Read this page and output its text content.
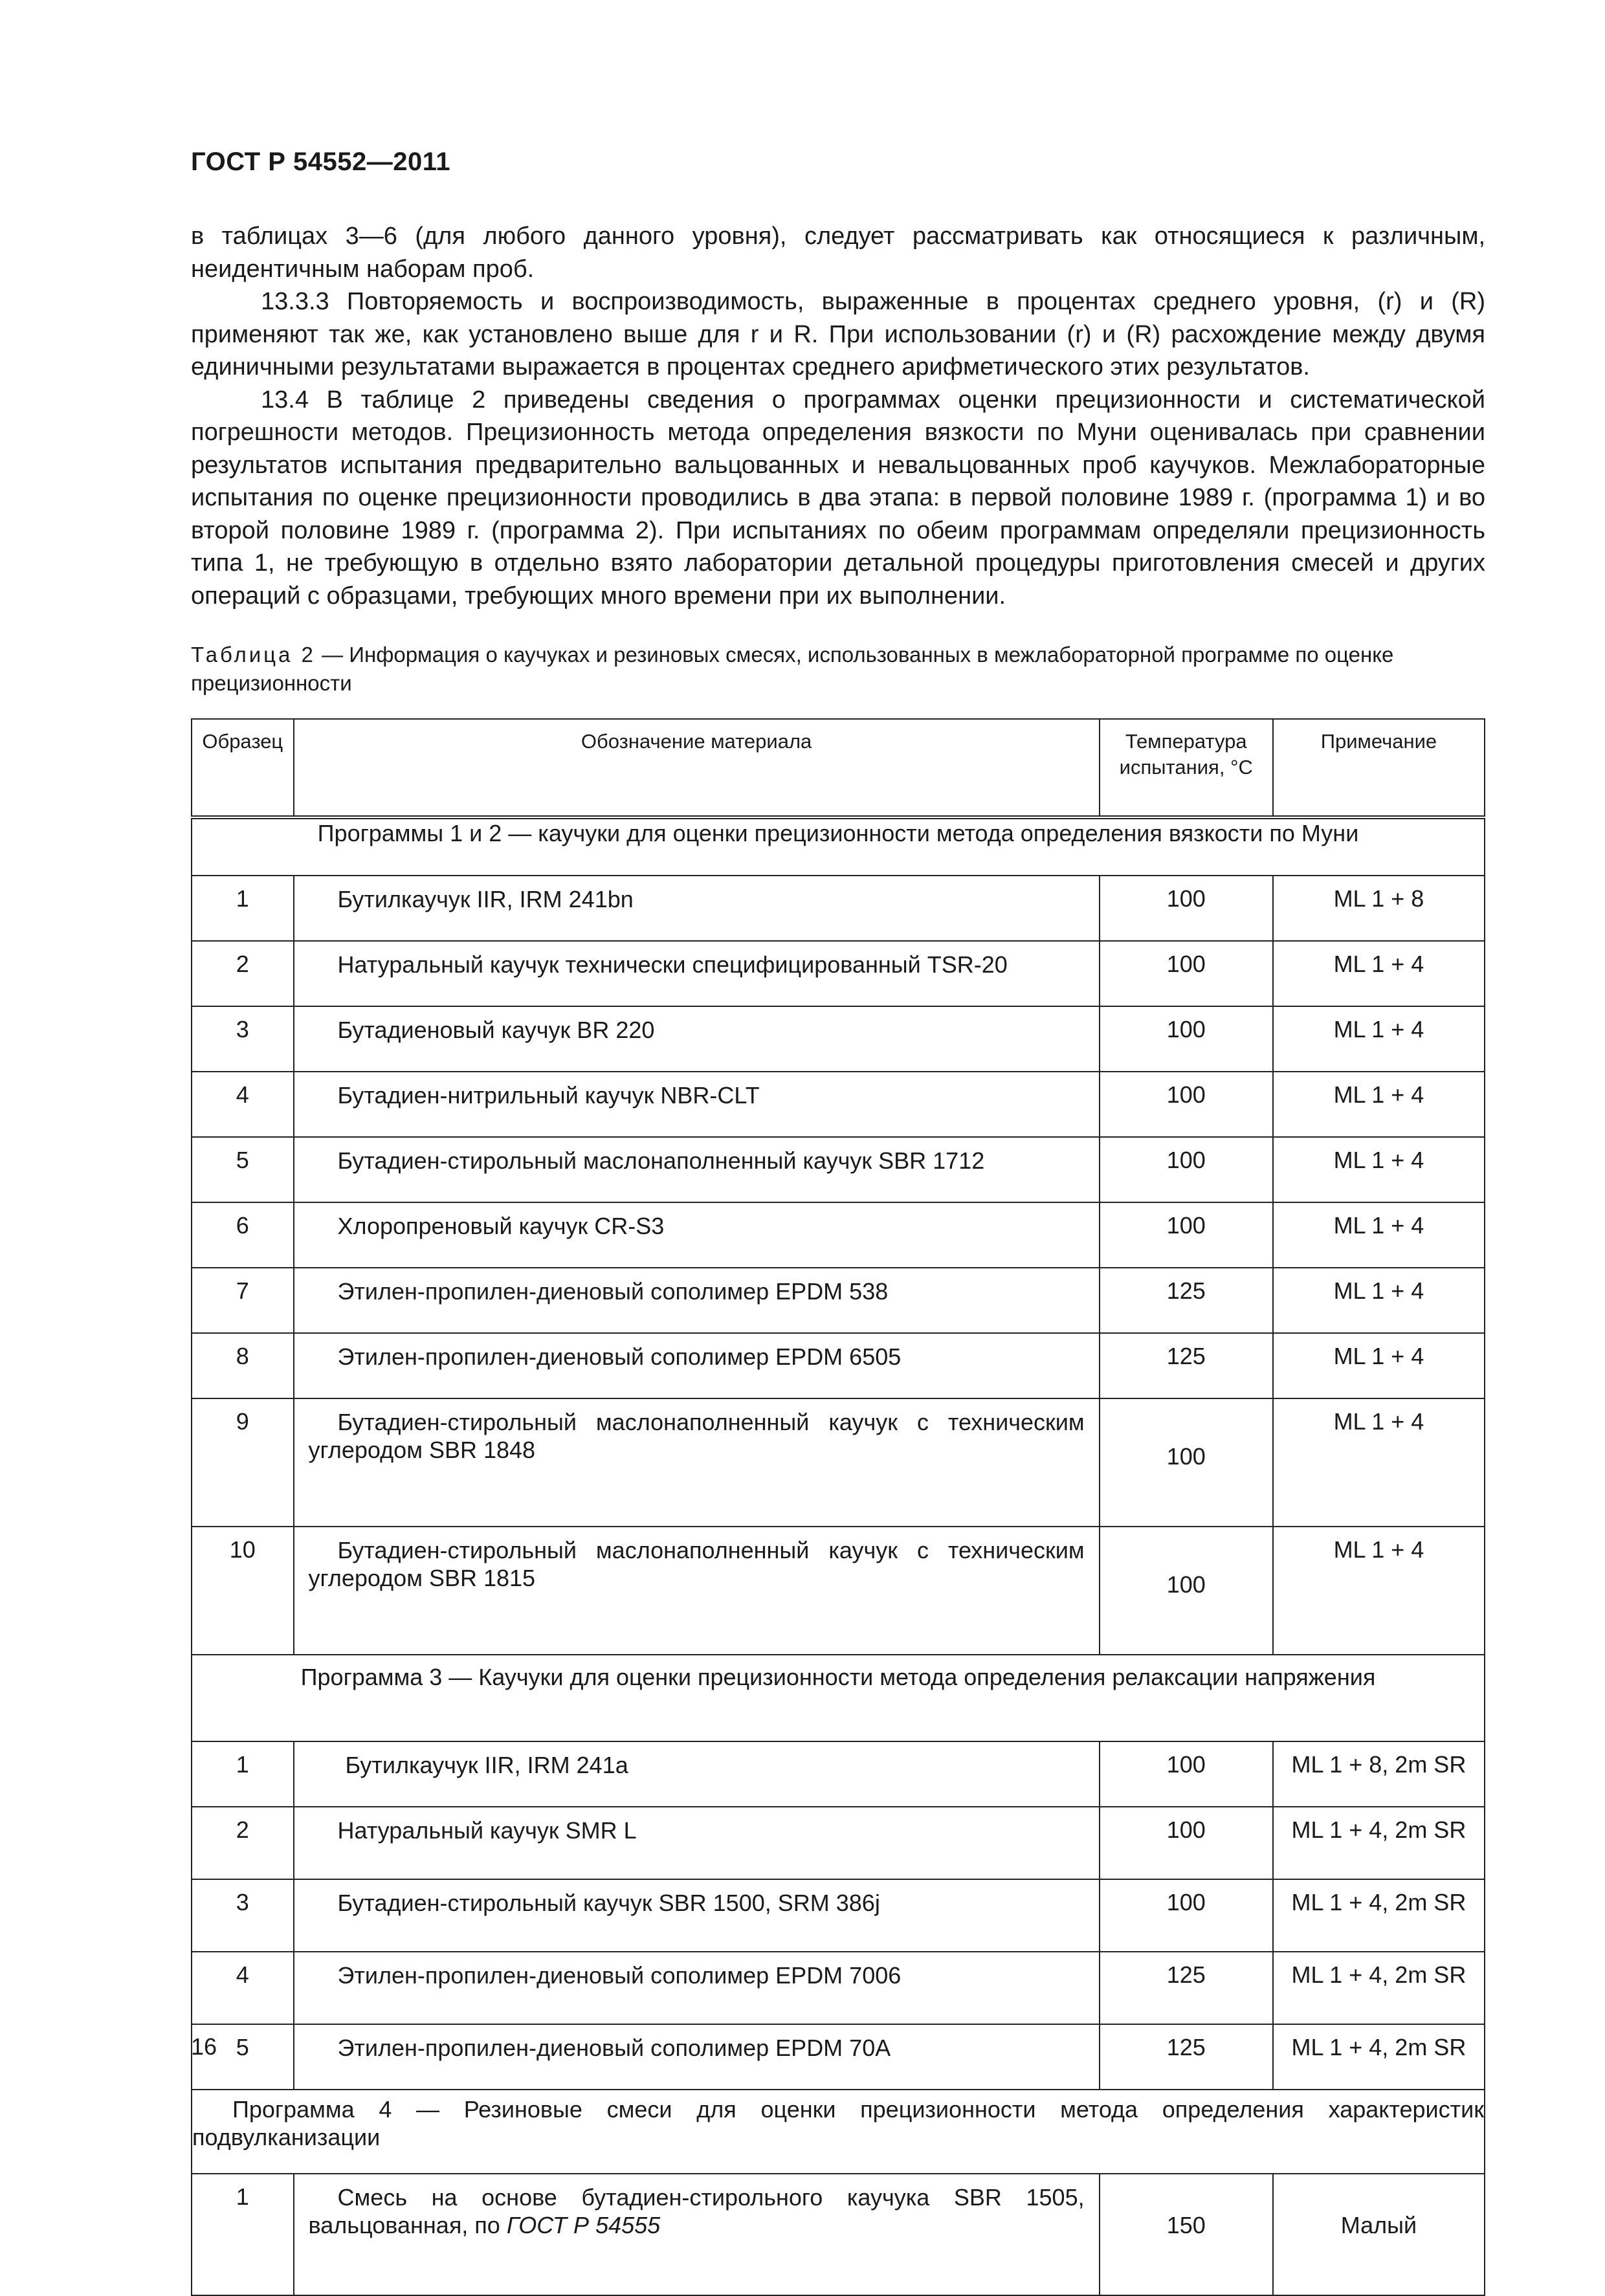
ГОСТ Р 54552—2011

в таблицах 3—6 (для любого данного уровня), следует рассматривать как относящиеся к различным, неидентичным наборам проб.

13.3.3 Повторяемость и воспроизводимость, выраженные в процентах среднего уровня, (r) и (R) применяют так же, как установлено выше для r и R. При использовании (r) и (R) расхождение между двумя единичными результатами выражается в процентах среднего арифметического этих результатов.

13.4 В таблице 2 приведены сведения о программах оценки прецизионности и систематической погрешности методов. Прецизионность метода определения вязкости по Муни оценивалась при сравнении результатов испытания предварительно вальцованных и невальцованных проб каучуков. Межлабораторные испытания по оценке прецизионности проводились в два этапа: в первой половине 1989 г. (программа 1) и во второй половине 1989 г. (программа 2). При испытаниях по обеим программам определяли прецизионность типа 1, не требующую в отдельно взято лаборатории детальной процедуры приготовления смесей и других операций с образцами, требующих много времени при их выполнении.

Таблица 2 — Информация о каучуках и резиновых смесях, использованных в межлабораторной программе по оценке прецизионности
Образец	Обозначение материала	Температура испытания, °С	Примечание
Программы 1 и 2 — каучуки для оценки прецизионности метода определения вязкости по Муни			
1	Бутилкаучук IIR, IRM 241bn	100	ML 1 + 8
2	Натуральный каучук технически специфицированный TSR-20	100	ML 1 + 4
3	Бутадиеновый каучук BR 220	100	ML 1 + 4
4	Бутадиен-нитрильный каучук NBR-CLT	100	ML 1 + 4
5	Бутадиен-стирольный маслонаполненный каучук SBR 1712	100	ML 1 + 4
6	Хлоропреновый каучук CR-S3	100	ML 1 + 4
7	Этилен-пропилен-диеновый сополимер EPDM 538	125	ML 1 + 4
8	Этилен-пропилен-диеновый сополимер EPDM 6505	125	ML 1 + 4
9	Бутадиен-стирольный маслонаполненный каучук с техническим углеродом SBR 1848	100	ML 1 + 4
10	Бутадиен-стирольный маслонаполненный каучук с техническим углеродом SBR 1815	100	ML 1 + 4
Программа 3 — Каучуки для оценки прецизионности метода определения релаксации напряжения			
1	Бутилкаучук IIR, IRM 241a	100	ML 1 + 8, 2m SR
2	Натуральный каучук SMR L	100	ML 1 + 4, 2m SR
3	Бутадиен-стирольный каучук SBR 1500, SRM 386j	100	ML 1 + 4, 2m SR
4	Этилен-пропилен-диеновый сополимер EPDM 7006	125	ML 1 + 4, 2m SR
5	Этилен-пропилен-диеновый сополимер EPDM 70A	125	ML 1 + 4, 2m SR

Программа 4 — Резиновые смеси для оценки прецизионности метода определения характеристик подвулканизации			

1	Смесь на основе бутадиен-стирольного каучука SBR 1505, вальцованная, по ГОСТ Р 54555	150	Малый
16
